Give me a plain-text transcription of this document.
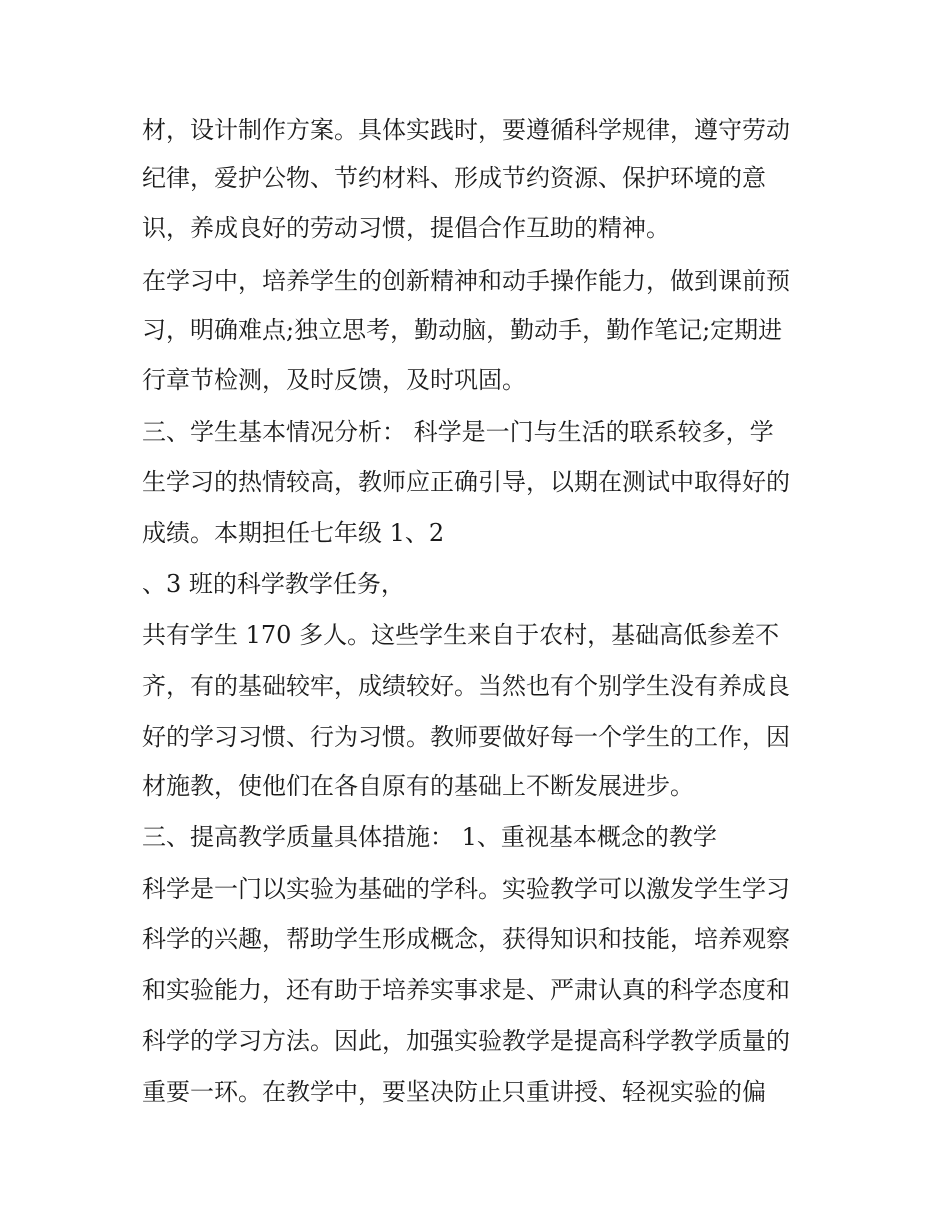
材，设计制作方案。具体实践时，要遵循科学规律，遵守劳动
纪律，爱护公物、节约材料、形成节约资源、保护环境的意
识，养成良好的劳动习惯，提倡合作互助的精神。
在学习中，培养学生的创新精神和动手操作能力，做到课前预
习，明确难点;独立思考，勤动脑，勤动手，勤作笔记;定期进
行章节检测，及时反馈，及时巩固。
三、学生基本情况分析： 科学是一门与生活的联系较多，学
生学习的热情较高，教师应正确引导，以期在测试中取得好的
成绩。本期担任七年级 1、2
、3 班的科学教学任务，
共有学生 170 多人。这些学生来自于农村，基础高低参差不
齐，有的基础较牢，成绩较好。当然也有个别学生没有养成良
好的学习习惯、行为习惯。教师要做好每一个学生的工作，因
材施教，使他们在各自原有的基础上不断发展进步。
三、提高教学质量具体措施： 1、重视基本概念的教学
科学是一门以实验为基础的学科。实验教学可以激发学生学习
科学的兴趣，帮助学生形成概念，获得知识和技能，培养观察
和实验能力，还有助于培养实事求是、严肃认真的科学态度和
科学的学习方法。因此，加强实验教学是提高科学教学质量的
重要一环。在教学中，要坚决防止只重讲授、轻视实验的偏
